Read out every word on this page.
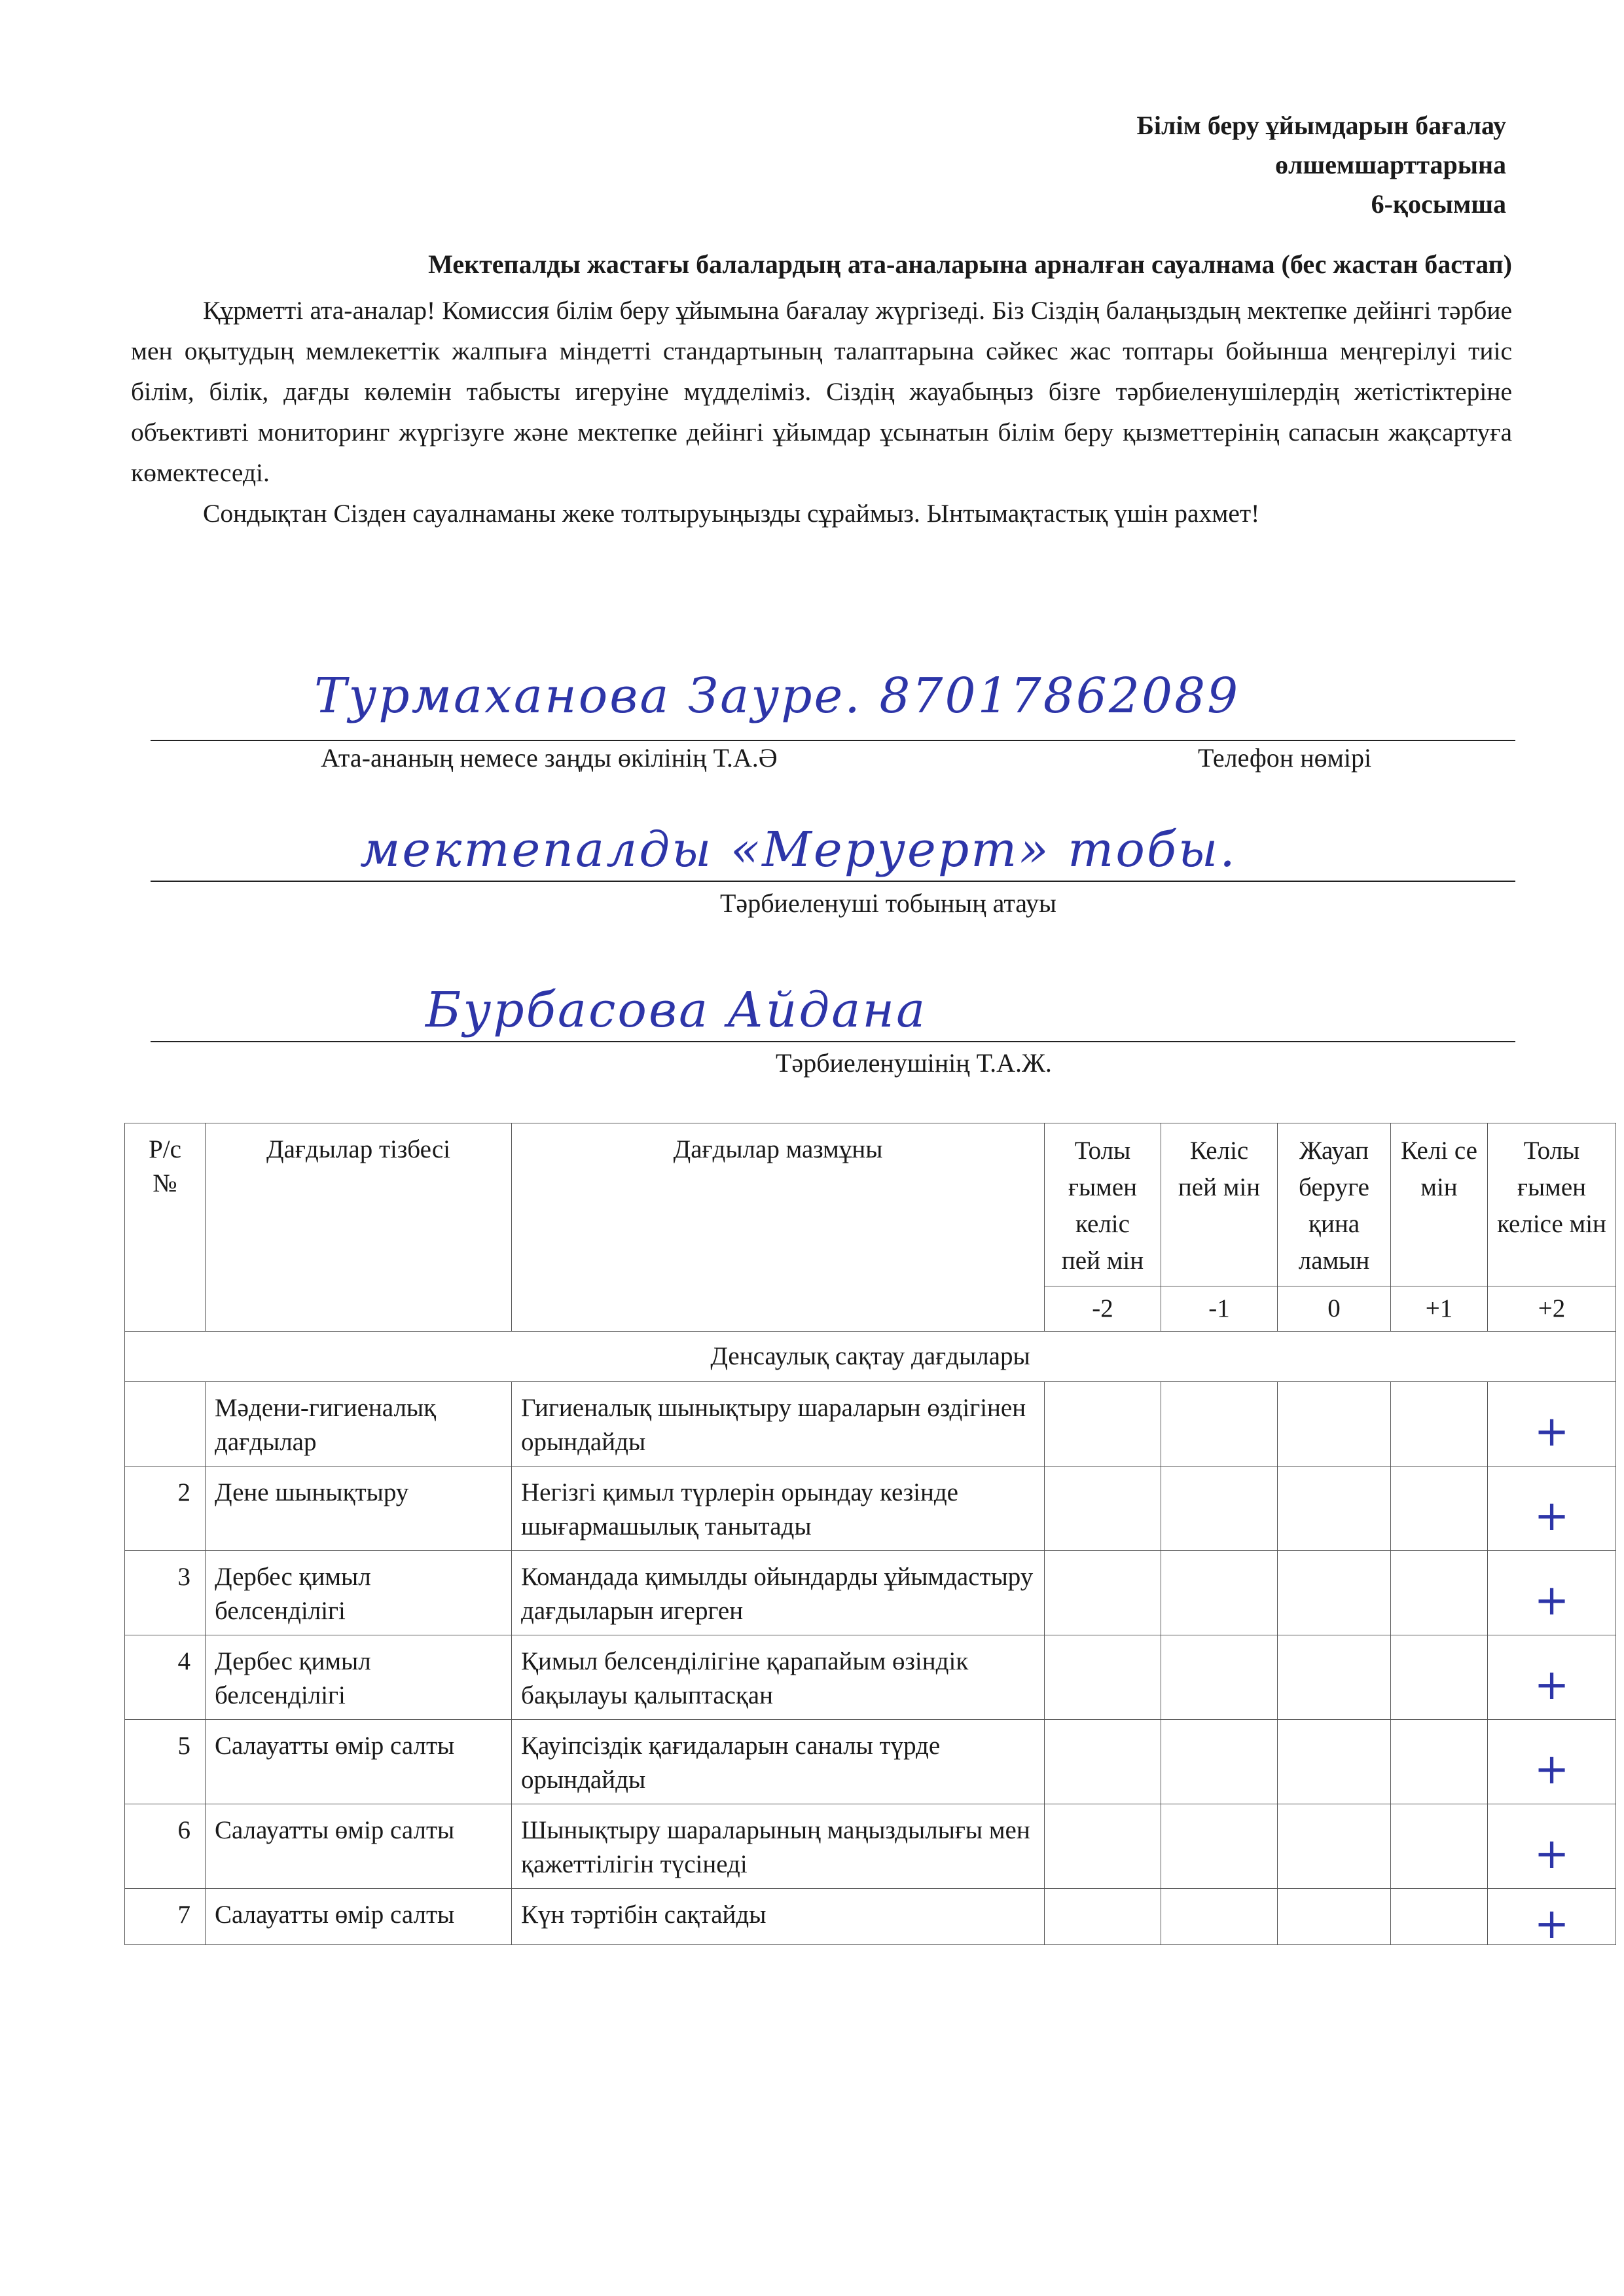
Білім беру ұйымдарын бағалау
өлшемшарттарына
6-қосымша
Мектепалды жастағы балалардың ата-аналарына арналған сауалнама (бес жастан бастап)

Құрметті ата-аналар! Комиссия білім беру ұйымына бағалау жүргізеді. Біз Сіздің балаңыздың мектепке дейінгі тәрбие мен оқытудың мемлекеттік жалпыға міндетті стандартының талаптарына сәйкес жас топтары бойынша меңгерілуі тиіс білім, білік, дағды көлемін табысты игеруіне мүдделіміз. Сіздің жауабыңыз бізге тәрбиеленушілердің жетістіктеріне объективті мониторинг жүргізуге және мектепке дейінгі ұйымдар ұсынатын білім беру қызметтерінің сапасын жақсартуға көмектеседі.

Сондықтан Сізден сауалнаманы жеке толтыруыңызды сұраймыз. Ынтымақтастық үшін рахмет!

Турмаханова Зауре. 87017862089
Ата-ананың немесе заңды өкілінің Т.А.Ә	Телефон нөмірі
мектепалды «Меруерт» тобы.
Тәрбиеленуші тобының атауы
Бурбасова Айдана
Тәрбиеленушінің Т.А.Ж.
Р/с №	Дағдылар тізбесі	Дағдылар мазмұны	Толы ғымен келіс пей мін	Келіс пей мін	Жауап беруге қина ламын	Келі се мін	Толы ғымен келісе мін
			-2	-1	0	+1	+2
Денсаулық сақтау дағдылары							
	Мәдени-гигиеналық дағдылар	Гигиеналық шынықтыру шараларын өздігінен орындайды					+
2	Дене шынықтыру	Негізгі қимыл түрлерін орындау кезінде шығармашылық танытады					+
3	Дербес қимыл белсенділігі	Командада қимылды ойындарды ұйымдастыру дағдыларын игерген					+
4	Дербес қимыл белсенділігі	Қимыл белсенділігіне қарапайым өзіндік бақылауы қалыптасқан					+
5	Салауатты өмір салты	Қауіпсіздік қағидаларын саналы түрде орындайды					+
6	Салауатты өмір салты	Шынықтыру шараларының маңыздылығы мен қажеттілігін түсінеді					+
7	Салауатты өмір салты	Күн тәртібін сақтайды					+
